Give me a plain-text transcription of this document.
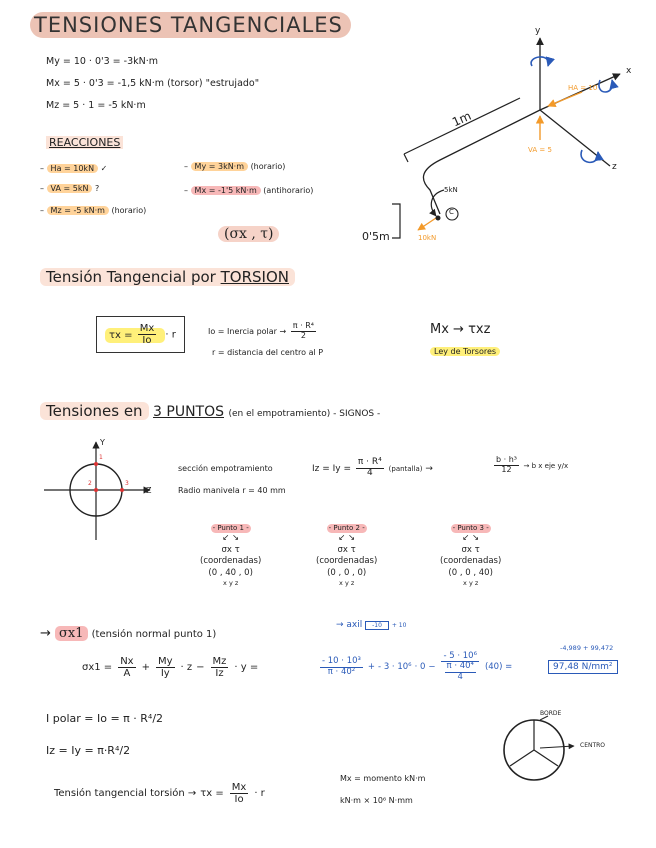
TENSIONES TANGENCIALES
My = 10 · 0'3 = -3kN·m
Mx = 5 · 0'3 = -1,5 kN·m (torsor) "estrujado"
Mz = 5 · 1 = -5 kN·m
REACCIONES
– Ha = 10kN ✓
– VA = 5kN ?
– Mz = -5 kN·m (horario)
– My = 3kN·m (horario)
– Mx = -1'5 kN·m (antihorario)
(σx , τ)
y
x
z
1m
HA = 10
VA = 5
5kN
10kN
C
0'5m
Tensión Tangencial por TORSION
$\tau x = \frac{Mx}{Io} \cdot r$	Io = Inercia polar → $\frac{\text{π · R⁴}}{2}$
r = distancia del centro al P
Mx → τxz
Ley de Torsores
Tensiones en 3 PUNTOS (en el empotramiento) - SIGNOS -
Y
Z
1
2	3
sección empotramiento
Radio manivela r = 40 mm
$Iz = Iy = \frac{\text{π · R⁴}}{4}$ (pantalla) →	$\frac{\text{b · h³}}{12} \to b$ x eje y/x
- Punto 1 -
↙ ↘
σx τ
(coordenadas)
(0 , 40 , 0)
x y z
- Punto 2 -
↙ ↘
σx τ
(coordenadas)
(0 , 0 , 0)
x y z
- Punto 3 -
↙ ↘
σx τ
(coordenadas)
(0 , 0 , 40)
x y z
→ σx1 (tensión normal punto 1)
→ axil -10 + 10
$\sigma x1 = \frac{Nx}{A} + \frac{My}{Iy} \cdot z - \frac{Mz}{Iz} \cdot y$ =	$\frac{\text{- 10 · 10³}}{\text{π · 40²}}$ + - $3 \cdot 10^6 \cdot 0 - \frac{\text{- 5 · 10⁶}}{\frac{\text{π · 40⁴}}{4}} (40)$ =
-4,989 + 99,472
97,48 N/mm²
I polar = Io = π · R⁴/2
Iz = Iy = π·R⁴/2
Tensión tangencial torsión → $\tau x = \frac{Mx}{Io} \cdot r$
Mx = momento kN·m
kN·m × 10⁶ N·mm
BORDE
CENTRO
